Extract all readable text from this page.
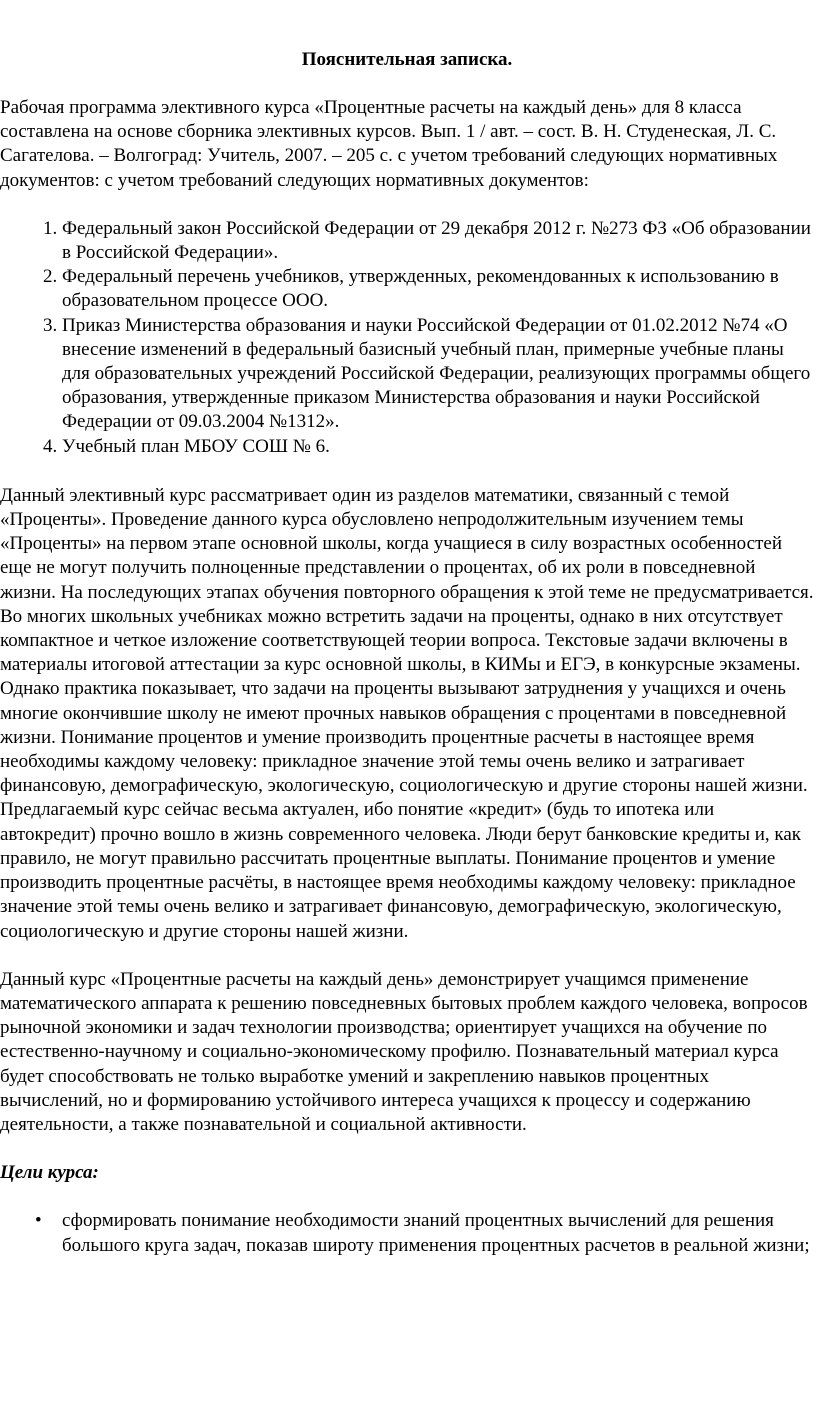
Пояснительная записка.

Рабочая программа элективного курса «Процентные расчеты на каждый день» для 8 класса составлена на основе сборника элективных курсов. Вып. 1 / авт. – сост. В. Н. Студенеская, Л. С. Сагателова. – Волгоград: Учитель, 2007. – 205 с. с учетом требований следующих нормативных документов: с учетом требований следующих нормативных документов:

1. Федеральный закон Российской Федерации от 29 декабря 2012 г. №273 ФЗ «Об образовании в Российской Федерации».
2. Федеральный перечень учебников, утвержденных, рекомендованных к использованию в образовательном процессе ООО.
3. Приказ Министерства образования и науки Российской Федерации от 01.02.2012 №74 «О внесение изменений в федеральный базисный учебный план, примерные учебные планы для образовательных учреждений Российской Федерации, реализующих программы общего образования, утвержденные приказом Министерства образования и науки Российской Федерации от 09.03.2004 №1312».
4. Учебный план МБОУ СОШ № 6.

Данный элективный курс рассматривает один из разделов математики, связанный с темой «Проценты». Проведение данного курса обусловлено непродолжительным изучением темы «Проценты» на первом этапе основной школы, когда учащиеся в силу возрастных особенностей еще не могут получить полноценные представлении о процентах, об их роли в повседневной жизни. На последующих этапах обучения повторного обращения к этой теме не предусматривается. Во многих школьных учебниках можно встретить задачи на проценты, однако в них отсутствует компактное и четкое изложение соответствующей теории вопроса. Текстовые задачи включены в материалы итоговой аттестации за курс основной школы, в КИМы и ЕГЭ, в конкурсные экзамены. Однако практика показывает, что задачи на проценты вызывают затруднения у учащихся и очень многие окончившие школу не имеют прочных навыков обращения с процентами в повседневной жизни. Понимание процентов и умение производить процентные расчеты в настоящее время необходимы каждому человеку: прикладное значение этой темы очень велико и затрагивает финансовую, демографическую, экологическую, социологическую и другие стороны нашей жизни. Предлагаемый курс сейчас весьма актуален, ибо понятие «кредит» (будь то ипотека или автокредит) прочно вошло в жизнь современного человека. Люди берут банковские кредиты и, как правило, не могут правильно рассчитать процентные выплаты. Понимание процентов и умение производить процентные расчёты, в настоящее время необходимы каждому человеку: прикладное значение этой темы очень велико и затрагивает финансовую, демографическую, экологическую, социологическую и другие стороны нашей жизни.

Данный курс «Процентные расчеты на каждый день» демонстрирует учащимся применение математического аппарата к решению повседневных бытовых проблем каждого человека, вопросов рыночной экономики и задач технологии производства; ориентирует учащихся на обучение по естественно-научному и социально-экономическому профилю. Познавательный материал курса будет способствовать не только выработке умений и закреплению навыков процентных вычислений, но и формированию устойчивого интереса учащихся к процессу и содержанию деятельности, а также познавательной и социальной активности.

Цели курса:

• сформировать понимание необходимости знаний процентных вычислений для решения большого круга задач, показав широту применения процентных расчетов в реальной жизни;
